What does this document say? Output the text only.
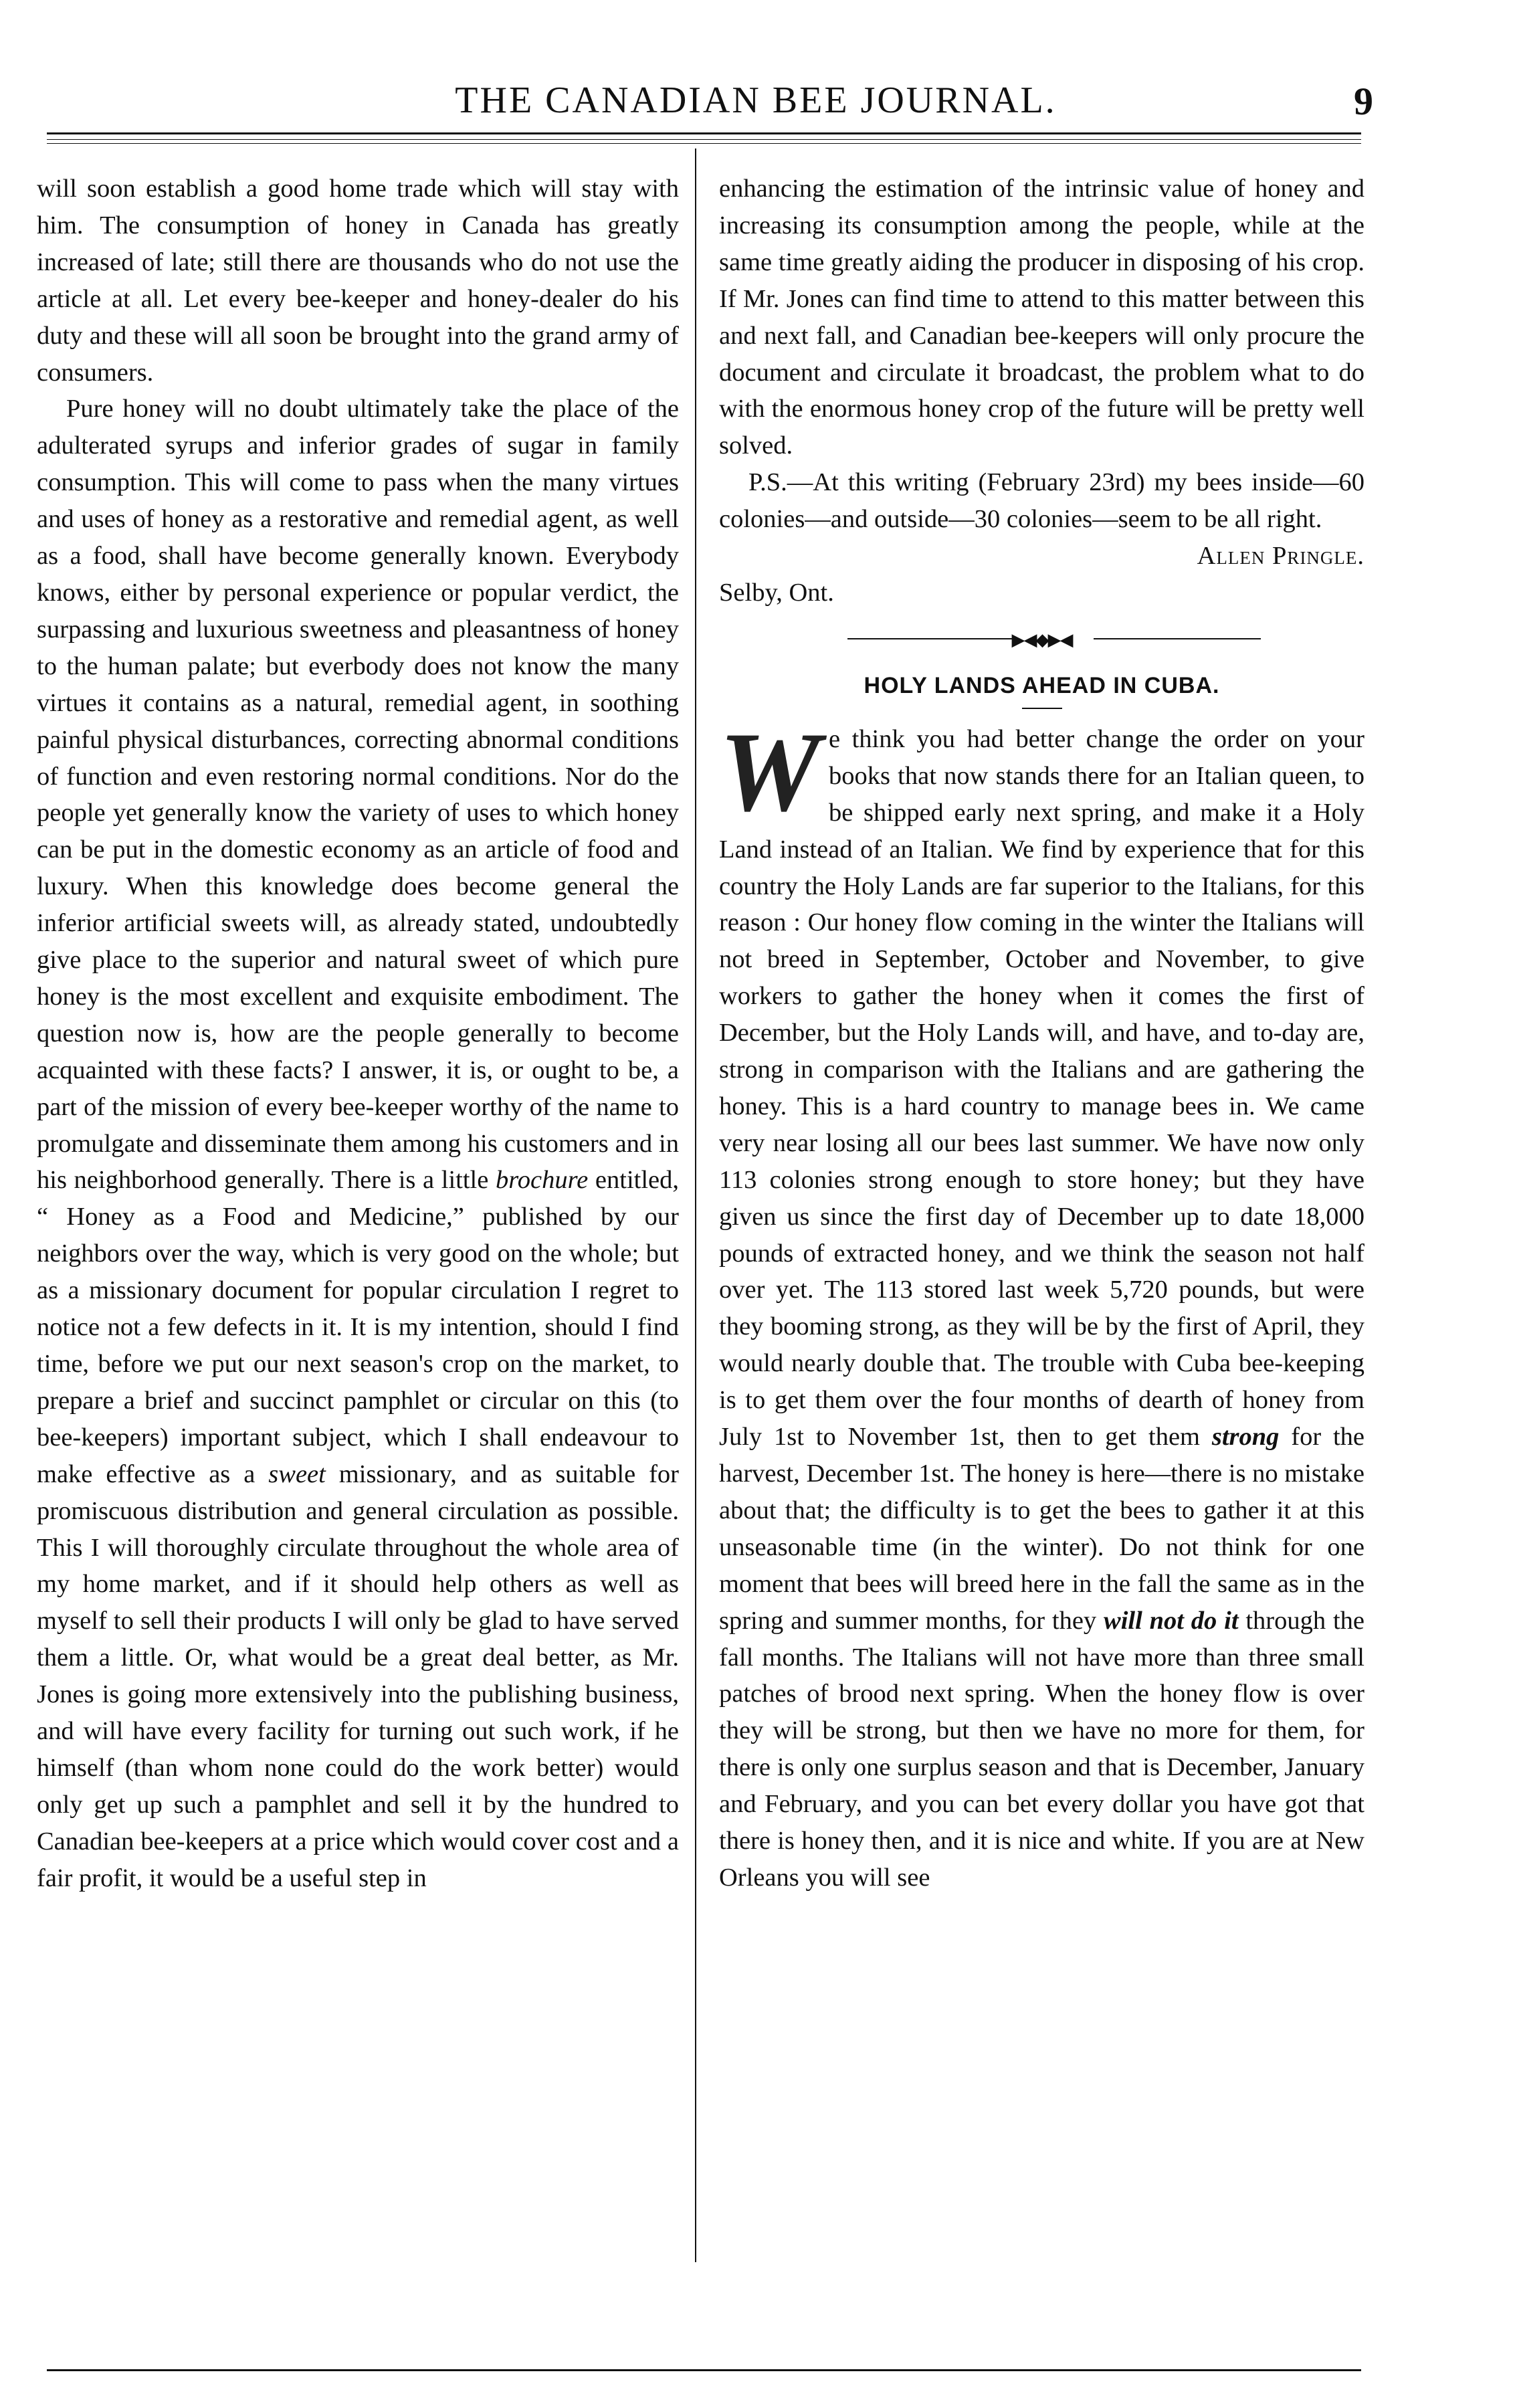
THE CANADIAN BEE JOURNAL.	9

will soon establish a good home trade which will stay with him. The consumption of honey in Canada has greatly increased of late; still there are thousands who do not use the article at all. Let every bee-keeper and honey-dealer do his duty and these will all soon be brought into the grand army of consumers.

Pure honey will no doubt ultimately take the place of the adulterated syrups and inferior grades of sugar in family consumption. This will come to pass when the many virtues and uses of honey as a restorative and remedial agent, as well as a food, shall have become generally known. Everybody knows, either by personal experience or popular verdict, the surpassing and luxurious sweetness and pleasantness of honey to the human palate; but everbody does not know the many virtues it contains as a natural, remedial agent, in soothing painful physical disturbances, correcting abnormal conditions of function and even restoring normal conditions. Nor do the people yet generally know the variety of uses to which honey can be put in the domestic economy as an article of food and luxury. When this knowledge does become general the inferior artificial sweets will, as already stated, undoubtedly give place to the superior and natural sweet of which pure honey is the most excellent and exquisite embodiment. The question now is, how are the people generally to become acquainted with these facts? I answer, it is, or ought to be, a part of the mission of every bee-keeper worthy of the name to promulgate and disseminate them among his customers and in his neighborhood generally. There is a little brochure entitled, “ Honey as a Food and Medicine,” published by our neighbors over the way, which is very good on the whole; but as a missionary document for popular circulation I regret to notice not a few defects in it. It is my intention, should I find time, before we put our next season's crop on the market, to prepare a brief and succinct pamphlet or circular on this (to bee-keepers) important subject, which I shall endeavour to make effective as a sweet missionary, and as suitable for promiscuous distribution and general circulation as possible. This I will thoroughly circulate throughout the whole area of my home market, and if it should help others as well as myself to sell their products I will only be glad to have served them a little. Or, what would be a great deal better, as Mr. Jones is going more extensively into the publishing business, and will have every facility for turning out such work, if he himself (than whom none could do the work better) would only get up such a pamphlet and sell it by the hundred to Canadian bee-keepers at a price which would cover cost and a fair profit, it would be a useful step in

enhancing the estimation of the intrinsic value of honey and increasing its consumption among the people, while at the same time greatly aiding the producer in disposing of his crop. If Mr. Jones can find time to attend to this matter between this and next fall, and Canadian bee-keepers will only procure the document and circulate it broadcast, the problem what to do with the enormous honey crop of the future will be pretty well solved.

P.S.—At this writing (February 23rd) my bees inside—60 colonies—and outside—30 colonies—seem to be all right.

Allen Pringle.

Selby, Ont.

▶◀◆▶◀
HOLY LANDS AHEAD IN CUBA.
W e think you had better change the order on your books that now stands there for an Italian queen, to be shipped early next spring, and make it a Holy Land instead of an Italian. We find by experience that for this country the Holy Lands are far superior to the Italians, for this reason : Our honey flow coming in the winter the Italians will not breed in September, October and November, to give workers to gather the honey when it comes the first of December, but the Holy Lands will, and have, and to-day are, strong in comparison with the Italians and are gathering the honey. This is a hard country to manage bees in. We came very near losing all our bees last summer. We have now only 113 colonies strong enough to store honey; but they have given us since the first day of December up to date 18,000 pounds of extracted honey, and we think the season not half over yet. The 113 stored last week 5,720 pounds, but were they booming strong, as they will be by the first of April, they would nearly double that. The trouble with Cuba bee-keeping is to get them over the four months of dearth of honey from July 1st to November 1st, then to get them strong for the harvest, December 1st. The honey is here—there is no mistake about that; the difficulty is to get the bees to gather it at this unseasonable time (in the winter). Do not think for one moment that bees will breed here in the fall the same as in the spring and summer months, for they will not do it through the fall months. The Italians will not have more than three small patches of brood next spring. When the honey flow is over they will be strong, but then we have no more for them, for there is only one surplus season and that is December, January and February, and you can bet every dollar you have got that there is honey then, and it is nice and white. If you are at New Orleans you will see
